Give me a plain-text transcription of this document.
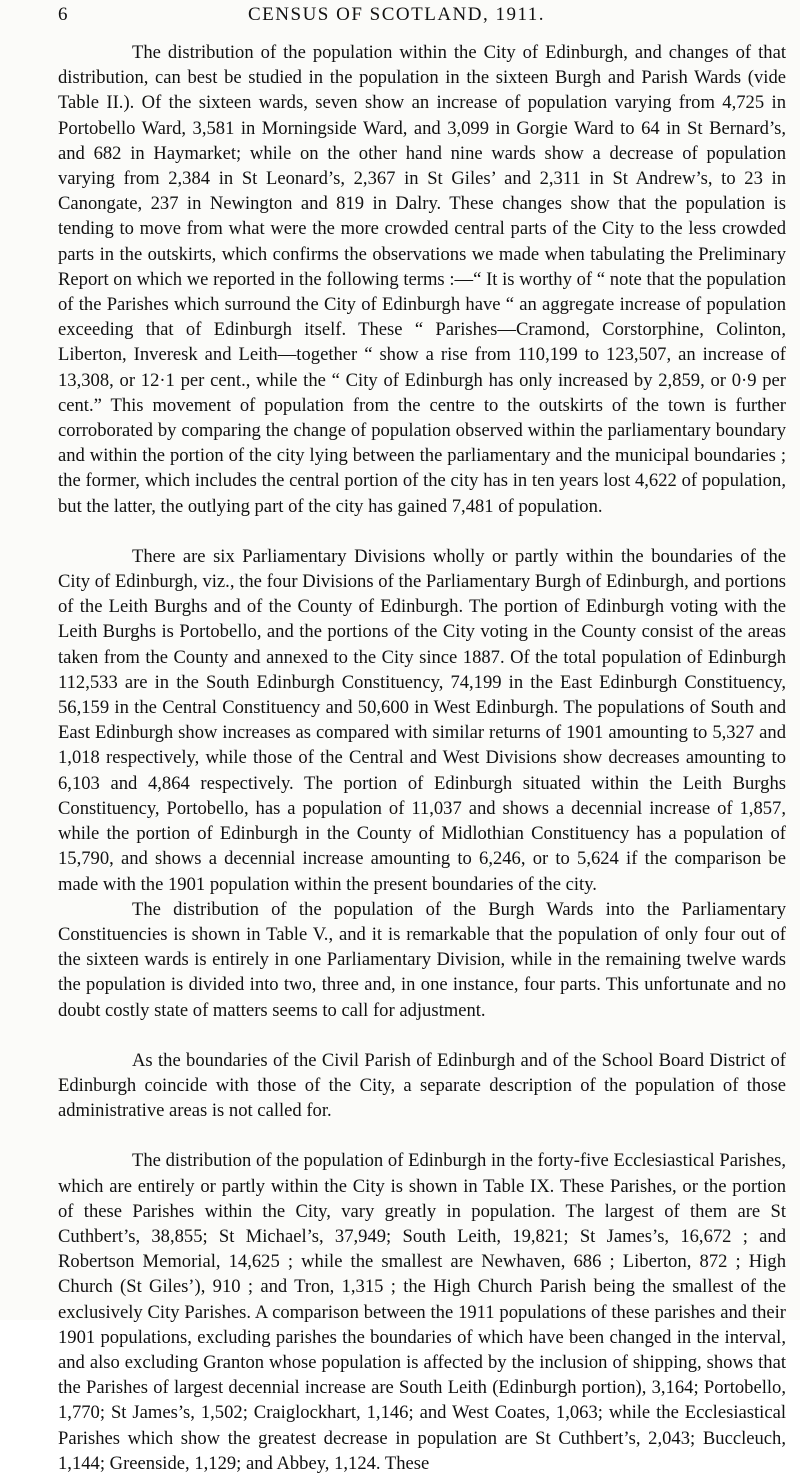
6	CENSUS OF SCOTLAND, 1911.

The distribution of the population within the City of Edinburgh, and changes of that distribution, can best be studied in the population in the sixteen Burgh and Parish Wards (vide Table II.). Of the sixteen wards, seven show an increase of population varying from 4,725 in Portobello Ward, 3,581 in Morningside Ward, and 3,099 in Gorgie Ward to 64 in St Bernard’s, and 682 in Haymarket; while on the other hand nine wards show a decrease of population varying from 2,384 in St Leonard’s, 2,367 in St Giles’ and 2,311 in St Andrew’s, to 23 in Canongate, 237 in Newington and 819 in Dalry. These changes show that the population is tending to move from what were the more crowded central parts of the City to the less crowded parts in the outskirts, which confirms the observations we made when tabulating the Preliminary Report on which we reported in the following terms :—“ It is worthy of “ note that the population of the Parishes which surround the City of Edinburgh have “ an aggregate increase of population exceeding that of Edinburgh itself. These “ Parishes—Cramond, Corstorphine, Colinton, Liberton, Inveresk and Leith—together “ show a rise from 110,199 to 123,507, an increase of 13,308, or 12·1 per cent., while the “ City of Edinburgh has only increased by 2,859, or 0·9 per cent.” This movement of population from the centre to the outskirts of the town is further corroborated by comparing the change of population observed within the parliamentary boundary and within the portion of the city lying between the parliamentary and the municipal boundaries ; the former, which includes the central portion of the city has in ten years lost 4,622 of population, but the latter, the outlying part of the city has gained 7,481 of population.

There are six Parliamentary Divisions wholly or partly within the boundaries of the City of Edinburgh, viz., the four Divisions of the Parliamentary Burgh of Edinburgh, and portions of the Leith Burghs and of the County of Edinburgh. The portion of Edinburgh voting with the Leith Burghs is Portobello, and the portions of the City voting in the County consist of the areas taken from the County and annexed to the City since 1887. Of the total population of Edinburgh 112,533 are in the South Edinburgh Constituency, 74,199 in the East Edinburgh Constituency, 56,159 in the Central Constituency and 50,600 in West Edinburgh. The populations of South and East Edinburgh show increases as compared with similar returns of 1901 amounting to 5,327 and 1,018 respectively, while those of the Central and West Divisions show decreases amounting to 6,103 and 4,864 respectively. The portion of Edinburgh situated within the Leith Burghs Constituency, Portobello, has a population of 11,037 and shows a decennial increase of 1,857, while the portion of Edinburgh in the County of Midlothian Constituency has a population of 15,790, and shows a decennial increase amounting to 6,246, or to 5,624 if the comparison be made with the 1901 population within the present boundaries of the city.

The distribution of the population of the Burgh Wards into the Parliamentary Constituencies is shown in Table V., and it is remarkable that the population of only four out of the sixteen wards is entirely in one Parliamentary Division, while in the remaining twelve wards the population is divided into two, three and, in one instance, four parts. This unfortunate and no doubt costly state of matters seems to call for adjustment.

As the boundaries of the Civil Parish of Edinburgh and of the School Board District of Edinburgh coincide with those of the City, a separate description of the population of those administrative areas is not called for.

The distribution of the population of Edinburgh in the forty-five Ecclesiastical Parishes, which are entirely or partly within the City is shown in Table IX. These Parishes, or the portion of these Parishes within the City, vary greatly in population. The largest of them are St Cuthbert’s, 38,855; St Michael’s, 37,949; South Leith, 19,821; St James’s, 16,672 ; and Robertson Memorial, 14,625 ; while the smallest are Newhaven, 686 ; Liberton, 872 ; High Church (St Giles’), 910 ; and Tron, 1,315 ; the High Church Parish being the smallest of the exclusively City Parishes. A comparison between the 1911 populations of these parishes and their 1901 populations, excluding parishes the boundaries of which have been changed in the interval, and also excluding Granton whose population is affected by the inclusion of shipping, shows that the Parishes of largest decennial increase are South Leith (Edinburgh portion), 3,164; Portobello, 1,770; St James’s, 1,502; Craiglockhart, 1,146; and West Coates, 1,063; while the Ecclesiastical Parishes which show the greatest decrease in population are St Cuthbert’s, 2,043; Buccleuch, 1,144; Greenside, 1,129; and Abbey, 1,124. These
